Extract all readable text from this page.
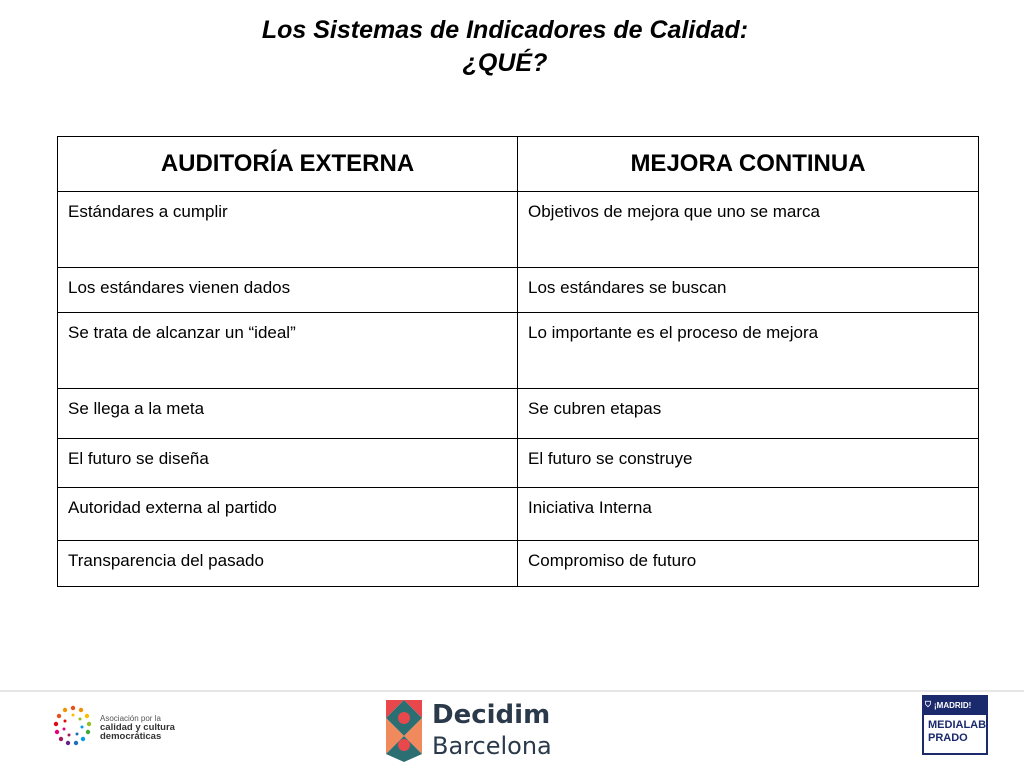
Los Sistemas de Indicadores de Calidad:
¿QUÉ?
AUDITORÍA EXTERNA	MEJORA CONTINUA
Estándares a cumplir	Objetivos de mejora que uno se marca
Los estándares vienen dados	Los estándares se buscan
Se trata de alcanzar un “ideal”	Lo importante es el proceso de mejora
Se llega a la meta	Se cubren etapas
El futuro se diseña	El futuro se construye
Autoridad externa al partido	Iniciativa Interna
Transparencia del pasado	Compromiso de futuro
Asociación por la
calidad y cultura
democráticas
Decidim
Barcelona
⛉ ¡MADRID!
MEDIALAB
PRADO
